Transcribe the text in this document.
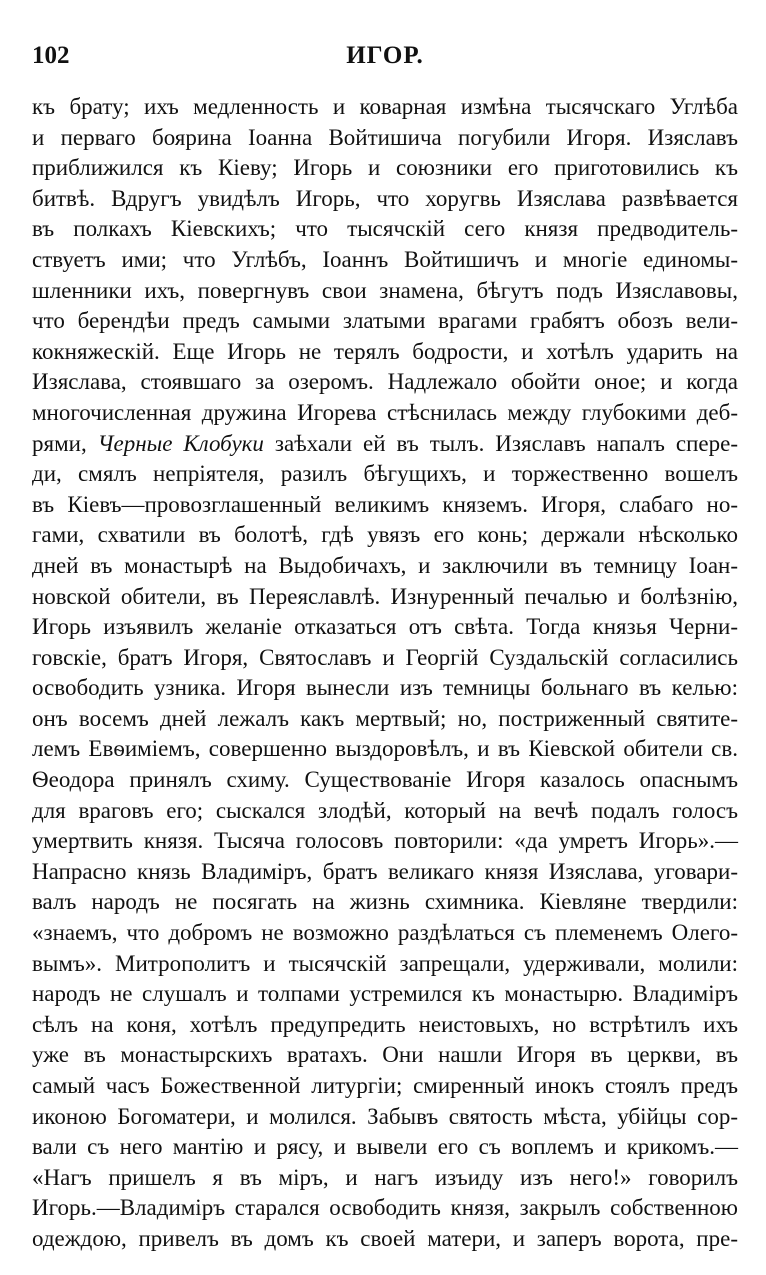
102	ИГОР.
къ брату; ихъ медленность и коварная измѣна тысячскаго Углѣба
и перваго боярина Іоанна Войтишича погубили Игоря. Изяславъ
приближился къ Кіеву; Игорь и союзники его приготовились къ
битвѣ. Вдругъ увидѣлъ Игорь, что хоругвь Изяслава развѣвается
въ полкахъ Кіевскихъ; что тысячскій сего князя предводитель-
ствуетъ ими; что Углѣбъ, Іоаннъ Войтишичъ и многіе единомы-
шленники ихъ, повергнувъ свои знамена, бѣгутъ подъ Изяславовы,
что берендѣи предъ самыми златыми врагами грабятъ обозъ вели-
кокняжескій. Еще Игорь не терялъ бодрости, и хотѣлъ ударить на
Изяслава, стоявшаго за озеромъ. Надлежало обойти оное; и когда
многочисленная дружина Игорева стѣснилась между глубокими деб-
рями, Черные Клобуки заѣхали ей въ тылъ. Изяславъ напалъ спере-
ди, смялъ непріятеля, разилъ бѣгущихъ, и торжественно вошелъ
въ Кіевъ—провозглашенный великимъ княземъ. Игоря, слабаго но-
гами, схватили въ болотѣ, гдѣ увязъ его конь; держали нѣсколько
дней въ монастырѣ на Выдобичахъ, и заключили въ темницу Іоан-
новской обители, въ Переяславлѣ. Изнуренный печалью и болѣзнію,
Игорь изъявилъ желаніе отказаться отъ свѣта. Тогда князья Черни-
говскіе, братъ Игоря, Святославъ и Георгій Суздальскій согласились
освободить узника. Игоря вынесли изъ темницы больнаго въ келью:
онъ восемъ дней лежалъ какъ мертвый; но, постриженный святите-
лемъ Евѳиміемъ, совершенно выздоровѣлъ, и въ Кіевской обители св.
Ѳеодора принялъ схиму. Существованіе Игоря казалось опаснымъ
для враговъ его; сыскался злодѣй, который на вечѣ подалъ голосъ
умертвить князя. Тысяча голосовъ повторили: «да умретъ Игорь».—
Напрасно князь Владиміръ, братъ великаго князя Изяслава, уговари-
валъ народъ не посягать на жизнь схимника. Кіевляне твердили:
«знаемъ, что добромъ не возможно раздѣлаться съ племенемъ Олего-
вымъ». Митрополитъ и тысячскій запрещали, удерживали, молили:
народъ не слушалъ и толпами устремился къ монастырю. Владиміръ
сѣлъ на коня, хотѣлъ предупредить неистовыхъ, но встрѣтилъ ихъ
уже въ монастырскихъ вратахъ. Они нашли Игоря въ церкви, въ
самый часъ Божественной литургіи; смиренный инокъ стоялъ предъ
иконою Богоматери, и молился. Забывъ святость мѣста, убійцы сор-
вали съ него мантію и рясу, и вывели его съ воплемъ и крикомъ.—
«Нагъ пришелъ я въ міръ, и нагъ изъиду изъ него!» говорилъ
Игорь.—Владиміръ старался освободить князя, закрылъ собственною
одеждою, привелъ въ домъ къ своей матери, и заперъ ворота, пре-
